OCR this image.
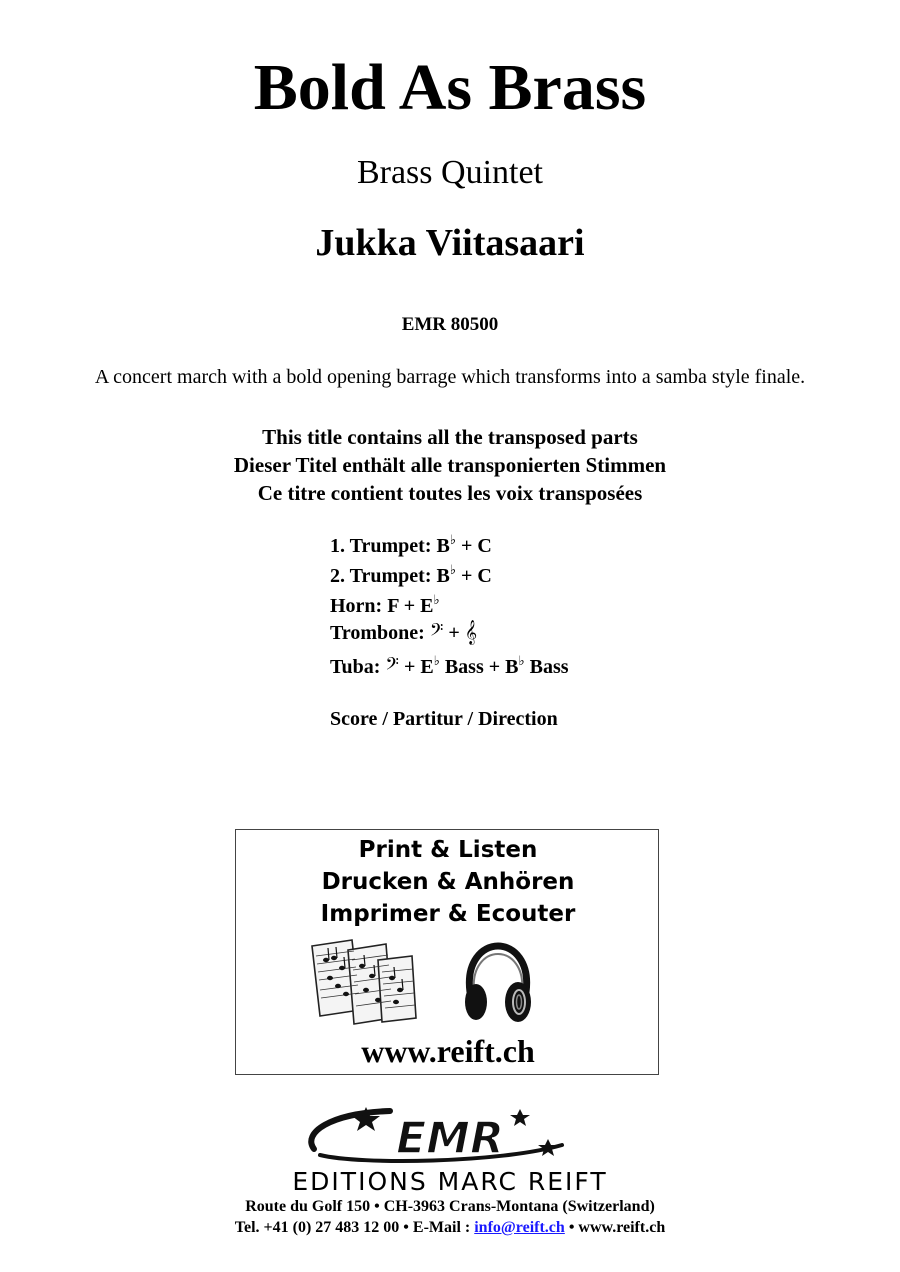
Bold As Brass
Brass Quintet
Jukka Viitasaari
EMR 80500
A concert march with a bold opening barrage which transforms into a samba style finale.
This title contains all the transposed parts
Dieser Titel enthält alle transponierten Stimmen
Ce titre contient toutes les voix transposées
1. Trumpet: B♭ + C
2. Trumpet: B♭ + C
Horn: F + E♭
Trombone: 𝄢 + 𝄞
Tuba: 𝄢 + E♭ Bass + B♭ Bass
Score / Partitur / Direction
Print & Listen
Drucken & Anhören
Imprimer & Ecouter
www.reift.ch
EMR
EDITIONS MARC REIFT
Route du Golf 150 • CH-3963 Crans-Montana (Switzerland)
Tel. +41 (0) 27 483 12 00 • E-Mail : info@reift.ch • www.reift.ch
